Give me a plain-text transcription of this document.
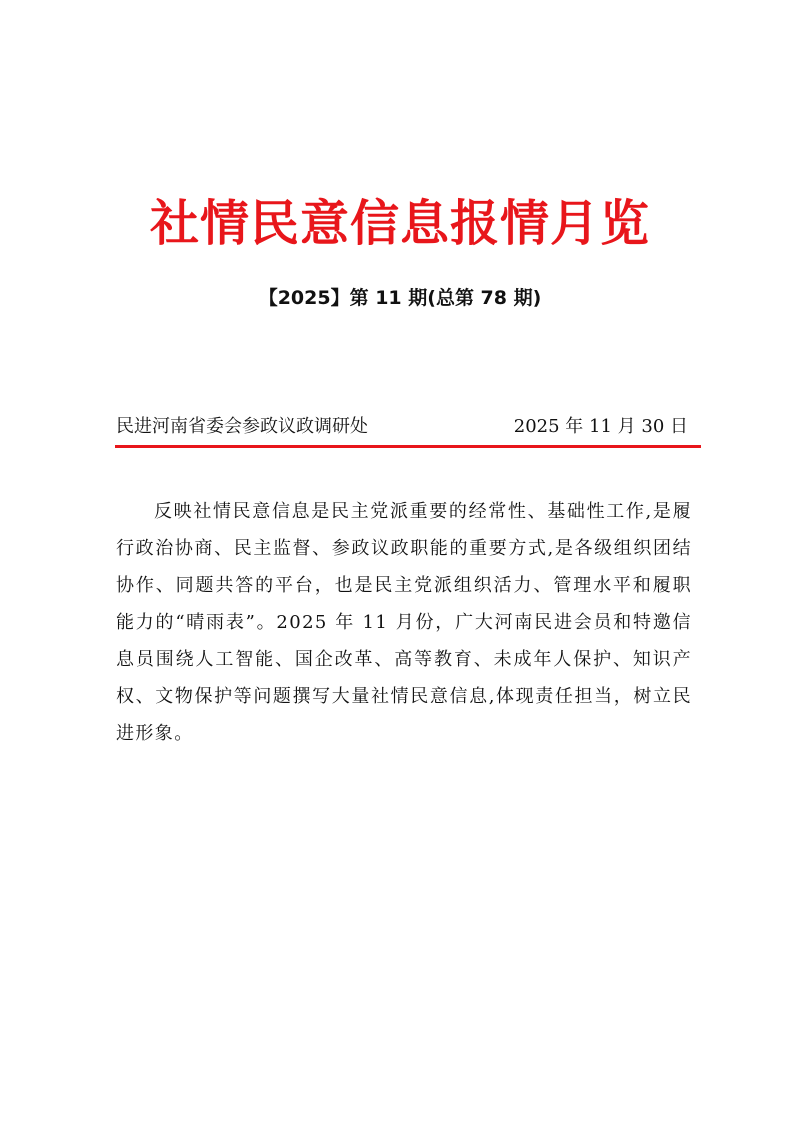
社情民意信息报情月览
【2025】第 11 期(总第 78 期)
民进河南省委会参政议政调研处	2025 年 11 月 30 日

反映社情民意信息是民主党派重要的经常性、基础性工作,是履行政治协商、民主监督、参政议政职能的重要方式,是各级组织团结协作、同题共答的平台，也是民主党派组织活力、管理水平和履职能力的“晴雨表”。2025 年 11 月份，广大河南民进会员和特邀信息员围绕人工智能、国企改革、高等教育、未成年人保护、知识产权、文物保护等问题撰写大量社情民意信息,体现责任担当，树立民进形象。
